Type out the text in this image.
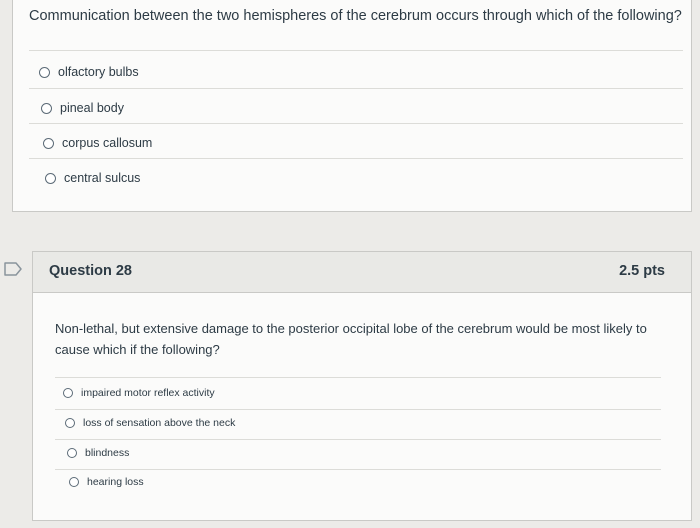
Communication between the two hemispheres of the cerebrum occurs through which of the following?
olfactory bulbs
pineal body
corpus callosum
central sulcus
Question 28	2.5 pts
Non-lethal, but extensive damage to the posterior occipital lobe of the cerebrum would be most likely to cause which if the following?
impaired motor reflex activity
loss of sensation above the neck
blindness
hearing loss
